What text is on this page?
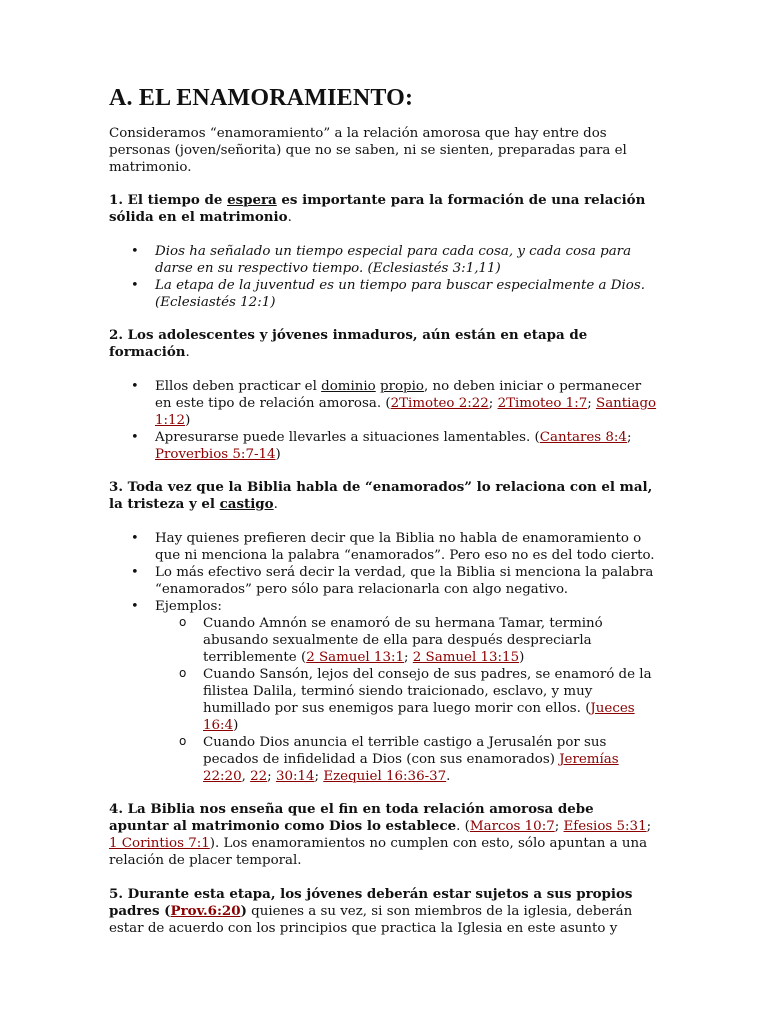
A. EL ENAMORAMIENTO:

Consideramos “enamoramiento” a la relación amorosa que hay entre dos personas (joven/señorita) que no se saben, ni se sienten, preparadas para el matrimonio.

1. El tiempo de espera es importante para la formación de una relación sólida en el matrimonio.

• Dios ha señalado un tiempo especial para cada cosa, y cada cosa para darse en su respectivo tiempo. (Eclesiastés 3:1,11)
• La etapa de la juventud es un tiempo para buscar especialmente a Dios. (Eclesiastés 12:1)

2. Los adolescentes y jóvenes inmaduros, aún están en etapa de formación.

• Ellos deben practicar el dominio propio, no deben iniciar o permanecer en este tipo de relación amorosa. (2Timoteo 2:22; 2Timoteo 1:7; Santiago 1:12)
• Apresurarse puede llevarles a situaciones lamentables. (Cantares 8:4; Proverbios 5:7-14)

3. Toda vez que la Biblia habla de “enamorados” lo relaciona con el mal, la tristeza y el castigo.

• Hay quienes prefieren decir que la Biblia no habla de enamoramiento o que ni menciona la palabra “enamorados”. Pero eso no es del todo cierto.
• Lo más efectivo será decir la verdad, que la Biblia si menciona la palabra “enamorados” pero sólo para relacionarla con algo negativo.
• Ejemplos:
o Cuando Amnón se enamoró de su hermana Tamar, terminó abusando sexualmente de ella para después despreciarla terriblemente (2 Samuel 13:1; 2 Samuel 13:15)
o Cuando Sansón, lejos del consejo de sus padres, se enamoró de la filistea Dalila, terminó siendo traicionado, esclavo, y muy humillado por sus enemigos para luego morir con ellos. (Jueces 16:4)
o Cuando Dios anuncia el terrible castigo a Jerusalén por sus pecados de infidelidad a Dios (con sus enamorados) Jeremías 22:20, 22; 30:14; Ezequiel 16:36-37.

4. La Biblia nos enseña que el fin en toda relación amorosa debe apuntar al matrimonio como Dios lo establece. (Marcos 10:7; Efesios 5:31; 1 Corintios 7:1). Los enamoramientos no cumplen con esto, sólo apuntan a una relación de placer temporal.

5. Durante esta etapa, los jóvenes deberán estar sujetos a sus propios padres (Prov.6:20) quienes a su vez, si son miembros de la iglesia, deberán estar de acuerdo con los principios que practica la Iglesia en este asunto y
